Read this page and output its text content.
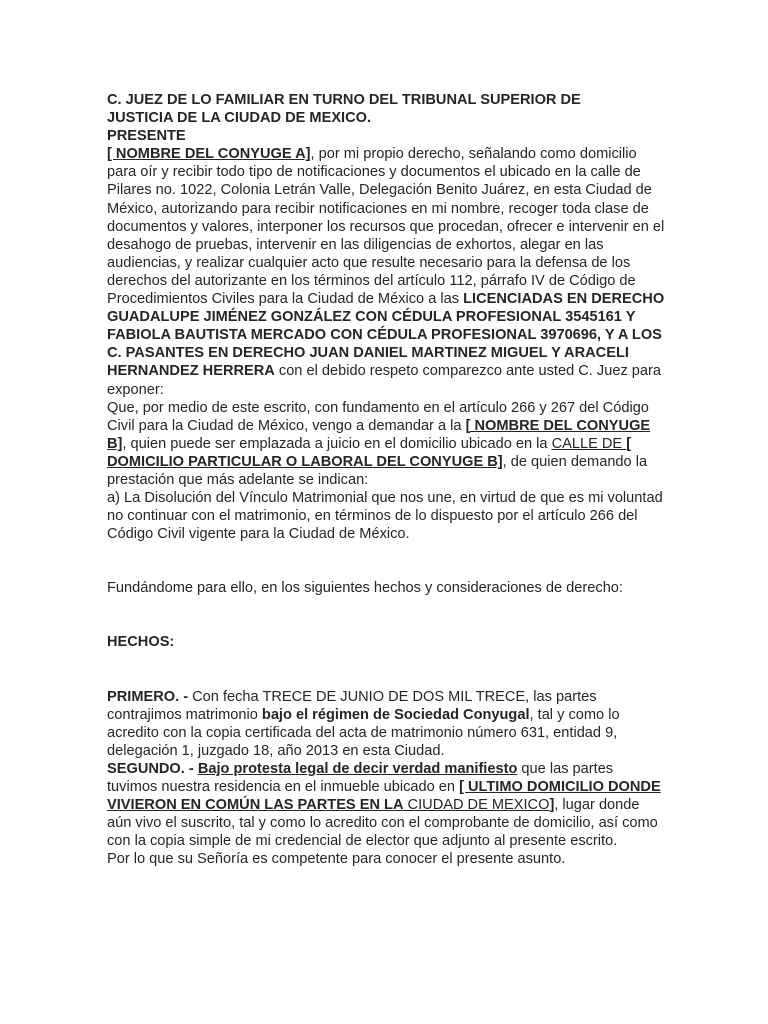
C. JUEZ DE LO FAMILIAR EN TURNO DEL TRIBUNAL SUPERIOR DE

JUSTICIA DE LA CIUDAD DE MEXICO.

PRESENTE

[ NOMBRE DEL CONYUGE A], por mi propio derecho, señalando como domicilio para oír y recibir todo tipo de notificaciones y documentos el ubicado en la calle de Pilares no. 1022, Colonia Letrán Valle, Delegación Benito Juárez, en esta Ciudad de México, autorizando para recibir notificaciones en mi nombre, recoger toda clase de documentos y valores, interponer los recursos que procedan, ofrecer e intervenir en el desahogo de pruebas, intervenir en las diligencias de exhortos, alegar en las audiencias, y realizar cualquier acto que resulte necesario para la defensa de los derechos del autorizante en los términos del artículo 112, párrafo IV de Código de Procedimientos Civiles para la Ciudad de México a las LICENCIADAS EN DERECHO GUADALUPE JIMÉNEZ GONZÁLEZ CON CÉDULA PROFESIONAL 3545161 Y FABIOLA BAUTISTA MERCADO CON CÉDULA PROFESIONAL 3970696, Y A LOS C. PASANTES EN DERECHO JUAN DANIEL MARTINEZ MIGUEL Y ARACELI HERNANDEZ HERRERA con el debido respeto comparezco ante usted C. Juez para exponer:

Que, por medio de este escrito, con fundamento en el artículo 266 y 267 del Código Civil para la Ciudad de México, vengo a demandar a la [ NOMBRE DEL CONYUGE B], quien puede ser emplazada a juicio en el domicilio ubicado en la CALLE DE [ DOMICILIO PARTICULAR O LABORAL DEL CONYUGE B], de quien demando la prestación que más adelante se indican:

a) La Disolución del Vínculo Matrimonial que nos une, en virtud de que es mi voluntad no continuar con el matrimonio, en términos de lo dispuesto por el artículo 266 del Código Civil vigente para la Ciudad de México.

Fundándome para ello, en los siguientes hechos y consideraciones de derecho:

HECHOS:

PRIMERO. - Con fecha TRECE DE JUNIO DE DOS MIL TRECE, las partes contrajimos matrimonio bajo el régimen de Sociedad Conyugal, tal y como lo acredito con la copia certificada del acta de matrimonio número 631, entidad 9, delegación 1, juzgado 18, año 2013 en esta Ciudad.

SEGUNDO. - Bajo protesta legal de decir verdad manifiesto que las partes tuvimos nuestra residencia en el inmueble ubicado en [ ULTIMO DOMICILIO DONDE VIVIERON EN COMÚN LAS PARTES EN LA CIUDAD DE MEXICO], lugar donde aún vivo el suscrito, tal y como lo acredito con el comprobante de domicilio, así como con la copia simple de mi credencial de elector que adjunto al presente escrito.

Por lo que su Señoría es competente para conocer el presente asunto.
